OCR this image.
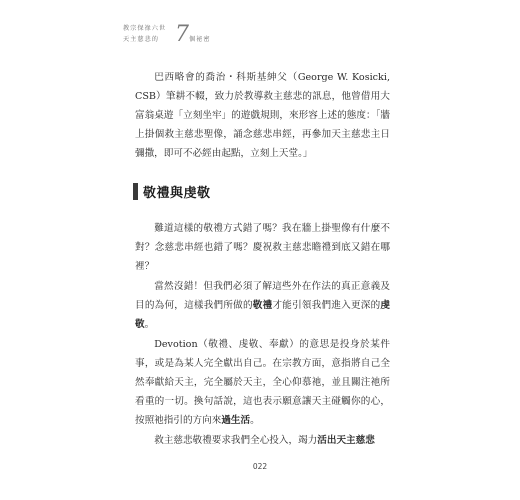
教宗保祿六世
天主慈悲的 7 個祕密
巴西略會的喬治・科斯基紳父（George W. Kosicki, CSB）筆耕不輟，致力於教導救主慈悲的訊息，他曾借用大富翁桌遊「立刻坐牢」的遊戲規則，來形容上述的態度：「牆上掛個救主慈悲聖像，誦念慈悲串經，再參加天主慈悲主日彌撒，即可不必經由起點，立刻上天堂。」
敬禮與虔敬

難道這樣的敬禮方式錯了嗎？我在牆上掛聖像有什麼不對？念慈悲串經也錯了嗎？慶祝救主慈悲瞻禮到底又錯在哪裡？

當然沒錯！但我們必須了解這些外在作法的真正意義及目的為何，這樣我們所做的敬禮才能引領我們進入更深的虔敬。

Devotion（敬禮、虔敬、奉獻）的意思是投身於某件事，或是為某人完全獻出自己。在宗教方面，意指將自己全然奉獻給天主，完全屬於天主，全心仰慕祂，並且關注祂所看重的一切。換句話說，這也表示願意讓天主碰觸你的心，按照祂指引的方向來過生活。

救主慈悲敬禮要求我們全心投入，竭力活出天主慈悲

022
